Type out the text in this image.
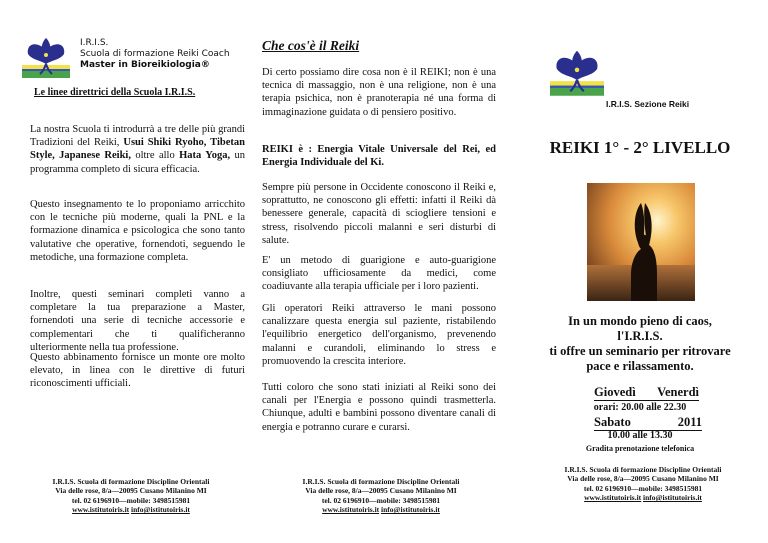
I.R.I.S.
Scuola di formazione Reiki Coach
Master in Bioreikiologia®
Le linee direttrici della Scuola I.R.I.S.
La nostra Scuola ti introdurrà a tre delle più grandi Tradizioni del Reiki, Usui Shiki Ryoho, Tibetan Style, Japanese Reiki, oltre allo Hata Yoga, un programma completo di sicura efficacia.
Questo insegnamento te lo proponiamo arricchito con le tecniche più moderne, quali la PNL e la formazione dinamica e psicologica che sono tanto valutative che operative, fornendoti, seguendo le metodiche, una formazione completa.
Inoltre, questi seminari completi vanno a completare la tua preparazione a Master, fornendoti una serie di tecniche accessorie e complementari che ti qualificheranno ulteriormente nella tua professione.
Questo abbinamento fornisce un monte ore molto elevato, in linea con le direttive di futuri riconoscimenti ufficiali.
I.R.I.S. Scuola di formazione Discipline Orientali
Via delle rose, 8/a—20095 Cusano Milanino MI
tel. 02 6196910—mobile: 3498515981
www.istitutoiris.it info@istitutoiris.it
Che cos'è il Reiki
Di certo possiamo dire cosa non è il REIKI; non è una tecnica di massaggio, non è una religione, non è una terapia psichica, non è pranoterapia né una forma di immaginazione guidata o di pensiero positivo.
REIKI è : Energia Vitale Universale del Rei, ed Energia Individuale del Ki.
Sempre più persone in Occidente conoscono il Reiki e, soprattutto, ne conoscono gli effetti: infatti il Reiki dà benessere generale, capacità di sciogliere tensioni e stress, risolvendo piccoli malanni e seri disturbi di salute.
E' un metodo di guarigione e auto-guarigione consigliato ufficiosamente da medici, come coadiuvante alla terapia ufficiale per i loro pazienti.
Gli operatori Reiki attraverso le mani possono canalizzare questa energia sul paziente, ristabilendo l'equilibrio energetico dell'organismo, prevenendo malanni e curandoli, eliminando lo stress e promuovendo la crescita interiore.
Tutti coloro che sono stati iniziati al Reiki sono dei canali per l'Energia e possono quindi trasmetterla. Chiunque, adulti e bambini possono diventare canali di energia e potranno curare e curarsi.
I.R.I.S. Scuola di formazione Discipline Orientali
Via delle rose, 8/a—20095 Cusano Milanino MI
tel. 02 6196910—mobile: 3498515981
www.istitutoiris.it info@istitutoiris.it
I.R.I.S. Sezione Reiki
REIKI 1° - 2° LIVELLO
In un mondo pieno di caos,
l'I.R.I.S.
ti offre un seminario per ritrovare
pace e rilassamento.
Giovedì Venerdì
orari: 20.00 alle 22.30
Sabato	2011
10.00 alle 13.30
Gradita prenotazione telefonica
I.R.I.S. Scuola di formazione Discipline Orientali
Via delle rose, 8/a—20095 Cusano Milanino MI
tel. 02 6196910—mobile: 3498515981
www.istitutoiris.it info@istitutoiris.it
